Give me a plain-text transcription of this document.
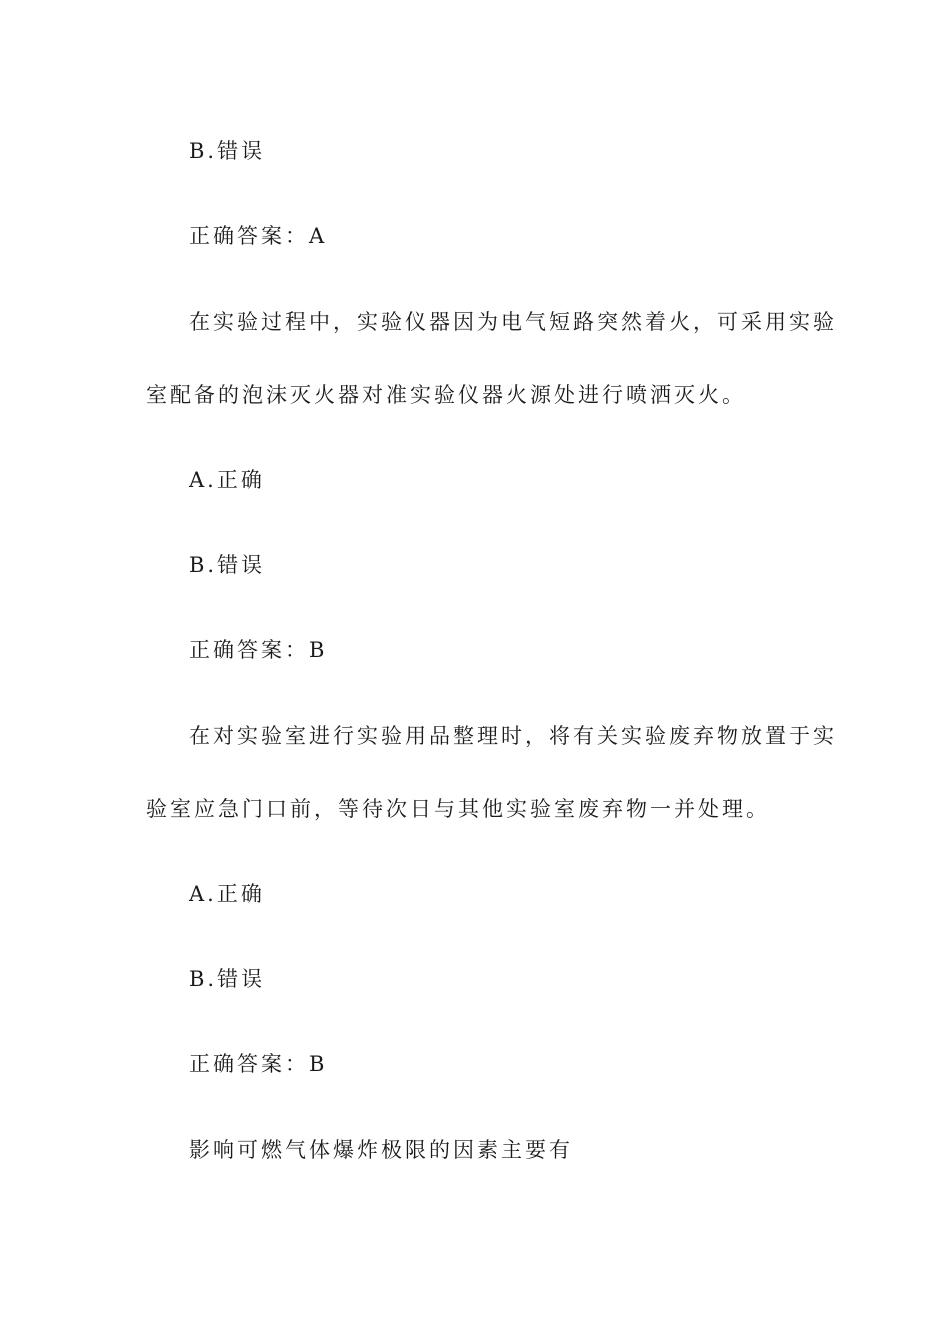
B.错误
正确答案：A
在实验过程中，实验仪器因为电气短路突然着火，可采用实验
室配备的泡沫灭火器对准实验仪器火源处进行喷洒灭火。
A.正确
B.错误
正确答案：B
在对实验室进行实验用品整理时，将有关实验废弃物放置于实
验室应急门口前，等待次日与其他实验室废弃物一并处理。
A.正确
B.错误
正确答案：B
影响可燃气体爆炸极限的因素主要有
